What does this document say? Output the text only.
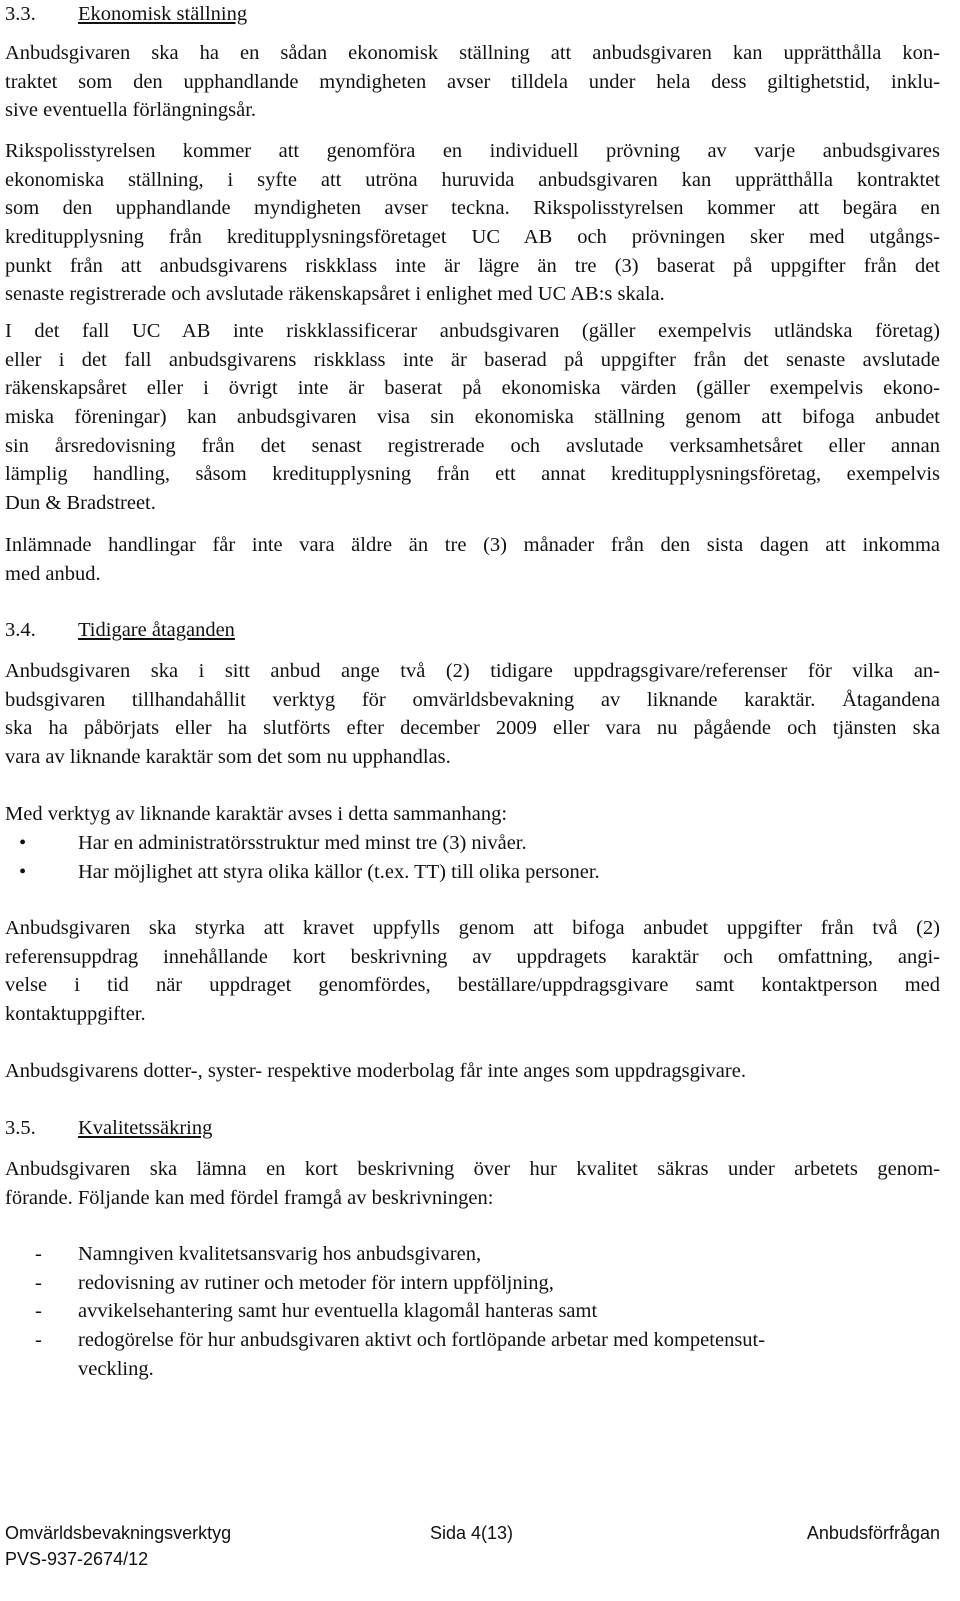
3.3. Ekonomisk ställning
Anbudsgivaren ska ha en sådan ekonomisk ställning att anbudsgivaren kan upprätthålla kon-
traktet som den upphandlande myndigheten avser tilldela under hela dess giltighetstid, inklu-
sive eventuella förlängningsår.
Rikspolisstyrelsen kommer att genomföra en individuell prövning av varje anbudsgivares
ekonomiska ställning, i syfte att utröna huruvida anbudsgivaren kan upprätthålla kontraktet
som den upphandlande myndigheten avser teckna. Rikspolisstyrelsen kommer att begära en
kreditupplysning från kreditupplysningsföretaget UC AB och prövningen sker med utgångs-
punkt från att anbudsgivarens riskklass inte är lägre än tre (3) baserat på uppgifter från det
senaste registrerade och avslutade räkenskapsåret i enlighet med UC AB:s skala.
I det fall UC AB inte riskklassificerar anbudsgivaren (gäller exempelvis utländska företag)
eller i det fall anbudsgivarens riskklass inte är baserad på uppgifter från det senaste avslutade
räkenskapsåret eller i övrigt inte är baserat på ekonomiska värden (gäller exempelvis ekono-
miska föreningar) kan anbudsgivaren visa sin ekonomiska ställning genom att bifoga anbudet
sin årsredovisning från det senast registrerade och avslutade verksamhetsåret eller annan
lämplig handling, såsom kreditupplysning från ett annat kreditupplysningsföretag, exempelvis
Dun & Bradstreet.
Inlämnade handlingar får inte vara äldre än tre (3) månader från den sista dagen att inkomma
med anbud.
3.4. Tidigare åtaganden
Anbudsgivaren ska i sitt anbud ange två (2) tidigare uppdragsgivare/referenser för vilka an-
budsgivaren tillhandahållit verktyg för omvärldsbevakning av liknande karaktär. Åtagandena
ska ha påbörjats eller ha slutförts efter december 2009 eller vara nu pågående och tjänsten ska
vara av liknande karaktär som det som nu upphandlas.
Med verktyg av liknande karaktär avses i detta sammanhang:
•	Har en administratörsstruktur med minst tre (3) nivåer.
•	Har möjlighet att styra olika källor (t.ex. TT) till olika personer.
Anbudsgivaren ska styrka att kravet uppfylls genom att bifoga anbudet uppgifter från två (2)
referensuppdrag innehållande kort beskrivning av uppdragets karaktär och omfattning, angi-
velse i tid när uppdraget genomfördes, beställare/uppdragsgivare samt kontaktperson med
kontaktuppgifter.
Anbudsgivarens dotter-, syster- respektive moderbolag får inte anges som uppdragsgivare.
3.5. Kvalitetssäkring
Anbudsgivaren ska lämna en kort beskrivning över hur kvalitet säkras under arbetets genom-
förande. Följande kan med fördel framgå av beskrivningen:
- Namngiven kvalitetsansvarig hos anbudsgivaren,
- redovisning av rutiner och metoder för intern uppföljning,
- avvikelsehantering samt hur eventuella klagomål hanteras samt
- redogörelse för hur anbudsgivaren aktivt och fortlöpande arbetar med kompetensut-
veckling.
Omvärldsbevakningsverktyg	Sida 4(13)	Anbudsförfrågan
PVS-937-2674/12
